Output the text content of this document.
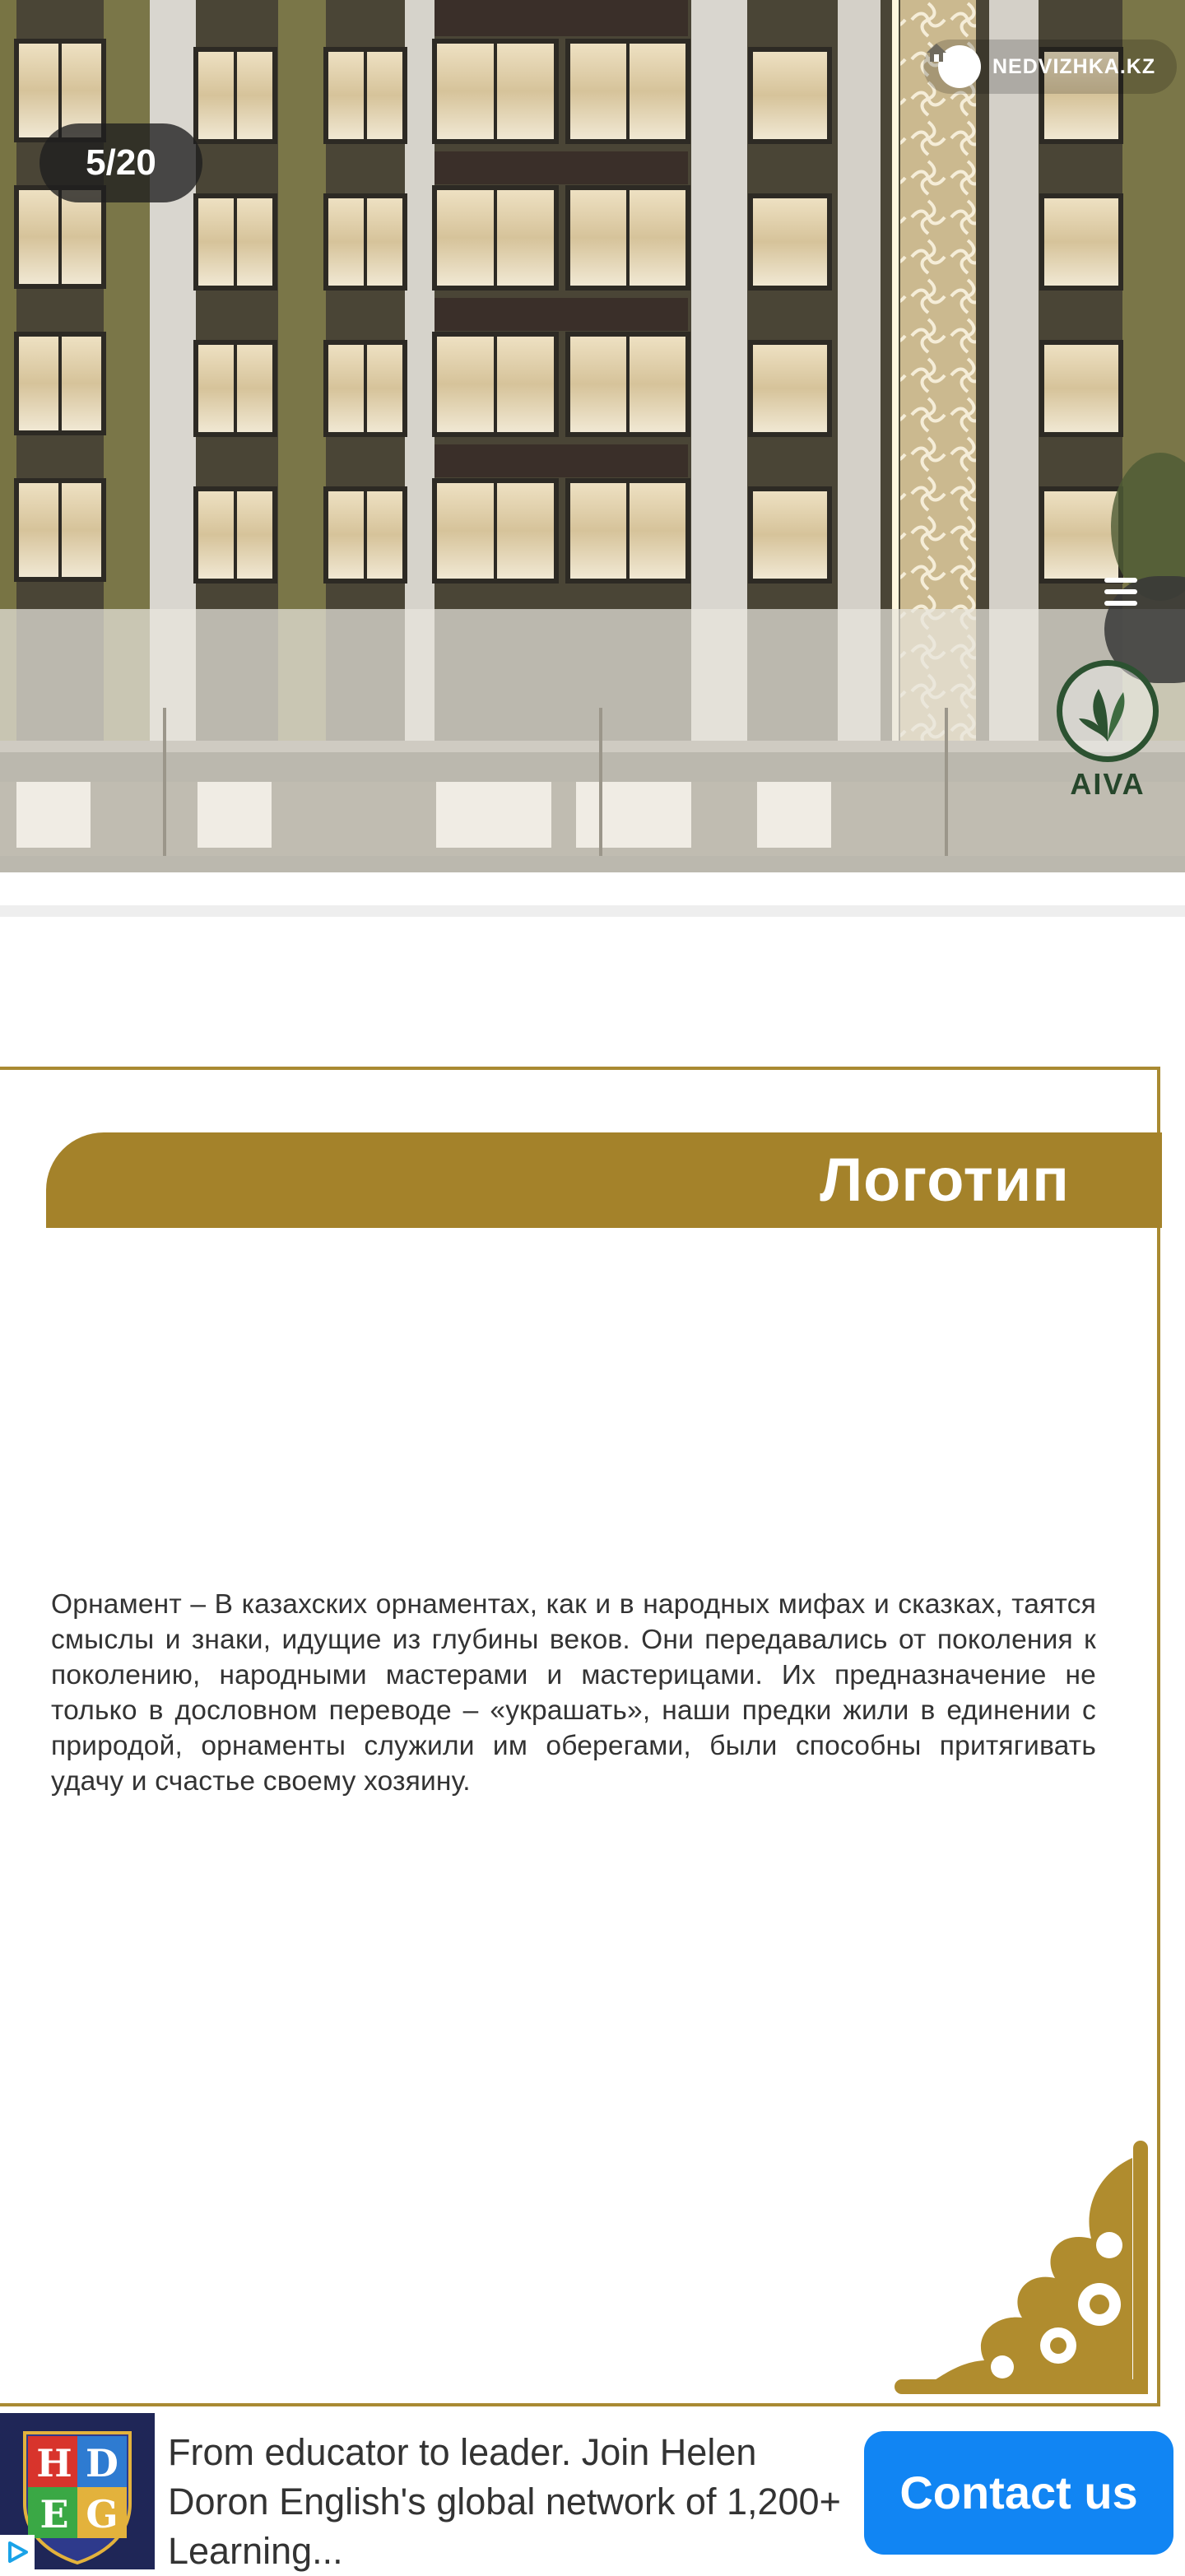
5/20
NEDVIZHKA.KZ
AIVA
Логотип
Орнамент – В казахских орнаментах, как и в народных мифах и сказках, таятся смыслы и знаки, идущие из глубины веков. Они передавались от поколения к поколению, народными мастерами и мастерицами. Их предназначение не только в дословном переводе – «украшать», наши предки жили в единении с природой, орнаменты служили им оберегами, были способны притягивать удачу и счастье своему хозяину.
H D
E G
From educator to leader. Join Helen Doron English's global network of 1,200+ Learning...
Contact us
